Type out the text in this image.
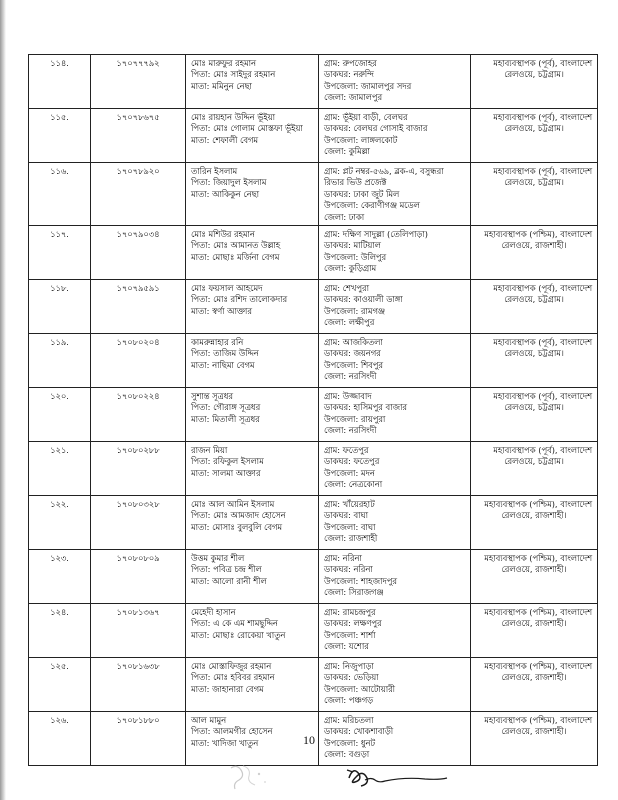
১১৪.	১৭০৭৭৭৯২	মোঃ মারুফুর রহমান
পিতা: মোঃ সাইদুর রহমান
মাতা: মমিনুন নেছা	গ্রাম: রুপজোহর
ডাকঘর: নরুন্দি
উপজেলা: জামালপুর সদর
জেলা: জামালপুর	মহাব্যবস্থাপক (পূর্ব), বাংলাদেশ
রেলওয়ে, চট্টগ্রাম।

১১৫.	১৭০৭৮৬৭৫	মোঃ রায়হান উদ্দিন ভূঁইয়া
পিতা: মোঃ গোলাম মোস্তফা ভূঁইয়া
মাতা: শেফালী বেগম	গ্রাম: ভূঁইয়া বাড়ী, বেলঘর
ডাকঘর: বেলঘর গোসাই বাজার
উপজেলা: লাঙ্গলকোট
জেলা: কুমিল্লা	মহাব্যবস্থাপক (পূর্ব), বাংলাদেশ
রেলওয়ে, চট্টগ্রাম।

১১৬.	১৭০৭৮৯২০	তারিন ইসলাম
পিতা: জিয়াদুল ইসলাম
মাতা: আকিকুন নেছা	গ্রাম: প্লট নম্বর-৫৬৯, ব্লক-এ, বসুন্ধরা
রিভার ভিউ প্রজেক্ট
ডাকঘর: ঢাকা জুট মিল
উপজেলা: কেরাণীগঞ্জ মডেল
জেলা: ঢাকা	মহাব্যবস্থাপক (পূর্ব), বাংলাদেশ
রেলওয়ে, চট্টগ্রাম।

১১৭.	১৭০৭৯০৩৪	মোঃ মশিউর রহমান
পিতা: মোঃ আমানত উল্লাহ
মাতা: মোছাঃ মর্জিনা বেগম	গ্রাম: দক্ষিণ সাদুল্লা (তেলিপাড়া)
ডাকঘর: মাটিয়াল
উপজেলা: উলিপুর
জেলা: কুড়িগ্রাম	মহাব্যবস্থাপক (পশ্চিম), বাংলাদেশ
রেলওয়ে, রাজশাহী।

১১৮.	১৭০৭৯৫৯১	মোঃ ফয়সাল আহমেদ
পিতা: মোঃ রশিদ তালোকদার
মাতা: স্বর্ণা আক্তার	গ্রাম: শেখপুরা
ডাকঘর: কাওয়ালী ডাঙ্গা
উপজেলা: রামগঞ্জ
জেলা: লক্ষীপুর	মহাব্যবস্থাপক (পূর্ব), বাংলাদেশ
রেলওয়ে, চট্টগ্রাম।

১১৯.	১৭০৮০২০৪	কামরুন্নাহার রনি
পিতা: তাজিম উদ্দিন
মাতা: নাছিমা বেগম	গ্রাম: আজকিতলা
ডাকঘর: জয়নগর
উপজেলা: শিবপুর
জেলা: নরসিংদী	মহাব্যবস্থাপক (পূর্ব), বাংলাদেশ
রেলওয়ে, চট্টগ্রাম।

১২০.	১৭০৮০২২৪	সুশান্ত সূত্রধর
পিতা: গৌরাঙ্গ সূত্রধর
মাতা: মিতালী সূত্রধর	গ্রাম: উজ্জাবাদ
ডাকঘর: হাসিমপুর বাজার
উপজেলা: রায়পুরা
জেলা: নরসিংদী	মহাব্যবস্থাপক (পূর্ব), বাংলাদেশ
রেলওয়ে, চট্টগ্রাম।

১২১.	১৭০৮০২৮৮	রাজন মিয়া
পিতা: রফিকুল ইসলাম
মাতা: সালমা আক্তার	গ্রাম: ফতেপুর
ডাকঘর: ফতেপুর
উপজেলা: মদন
জেলা: নেত্রকোনা	মহাব্যবস্থাপক (পূর্ব), বাংলাদেশ
রেলওয়ে, চট্টগ্রাম।

১২২.	১৭০৮০৩২৮	মোঃ আল আমিন ইসলাম
পিতা: মোঃ আমজাদ হোসেন
মাতা: মোসাঃ বুলবুলি বেগম	গ্রাম: খাঁয়েরহাট
ডাকঘর: বাঘা
উপজেলা: বাঘা
জেলা: রাজশাহী	মহাব্যবস্থাপক (পশ্চিম), বাংলাদেশ
রেলওয়ে, রাজশাহী।

১২৩.	১৭০৮০৮০৯	উত্তম কুমার শীল
পিতা: পবিত্র চন্দ্র শীল
মাতা: আলো রানী শীল	গ্রাম: নরিনা
ডাকঘর: নরিনা
উপজেলা: শাহজাদপুর
জেলা: সিরাজগঞ্জ	মহাব্যবস্থাপক (পশ্চিম), বাংলাদেশ
রেলওয়ে, রাজশাহী।

১২৪.	১৭০৮১৩৬৭	মেহেদী হাসান
পিতা: এ কে এম শামছুদ্দিন
মাতা: মোছাঃ রোকেয়া খাতুন	গ্রাম: রামচন্দ্রপুর
ডাকঘর: লক্ষণপুর
উপজেলা: শার্শা
জেলা: যশোর	মহাব্যবস্থাপক (পশ্চিম), বাংলাদেশ
রেলওয়ে, রাজশাহী।

১২৫.	১৭০৮১৬৩৮	মোঃ মোস্তাফিজুর রহমান
পিতা: মোঃ হবিবর রহমান
মাতা: জাহানারা বেগম	গ্রাম: নিজুপাড়া
ডাকঘর: ভেড়িয়া
উপজেলা: আটোয়ারী
জেলা: পঞ্চগড়	মহাব্যবস্থাপক (পশ্চিম), বাংলাদেশ
রেলওয়ে, রাজশাহী।

১২৬.	১৭০৮১৮৮০	আল মামুন
পিতা: আলমগীর হোসেন
মাতা: খাদিজা খাতুন	গ্রাম: মরিচতলা
ডাকঘর: খোকশাবাড়ী
উপজেলা: ধুনট
জেলা: বগুড়া	মহাব্যবস্থাপক (পশ্চিম), বাংলাদেশ
রেলওয়ে, রাজশাহী।
10
